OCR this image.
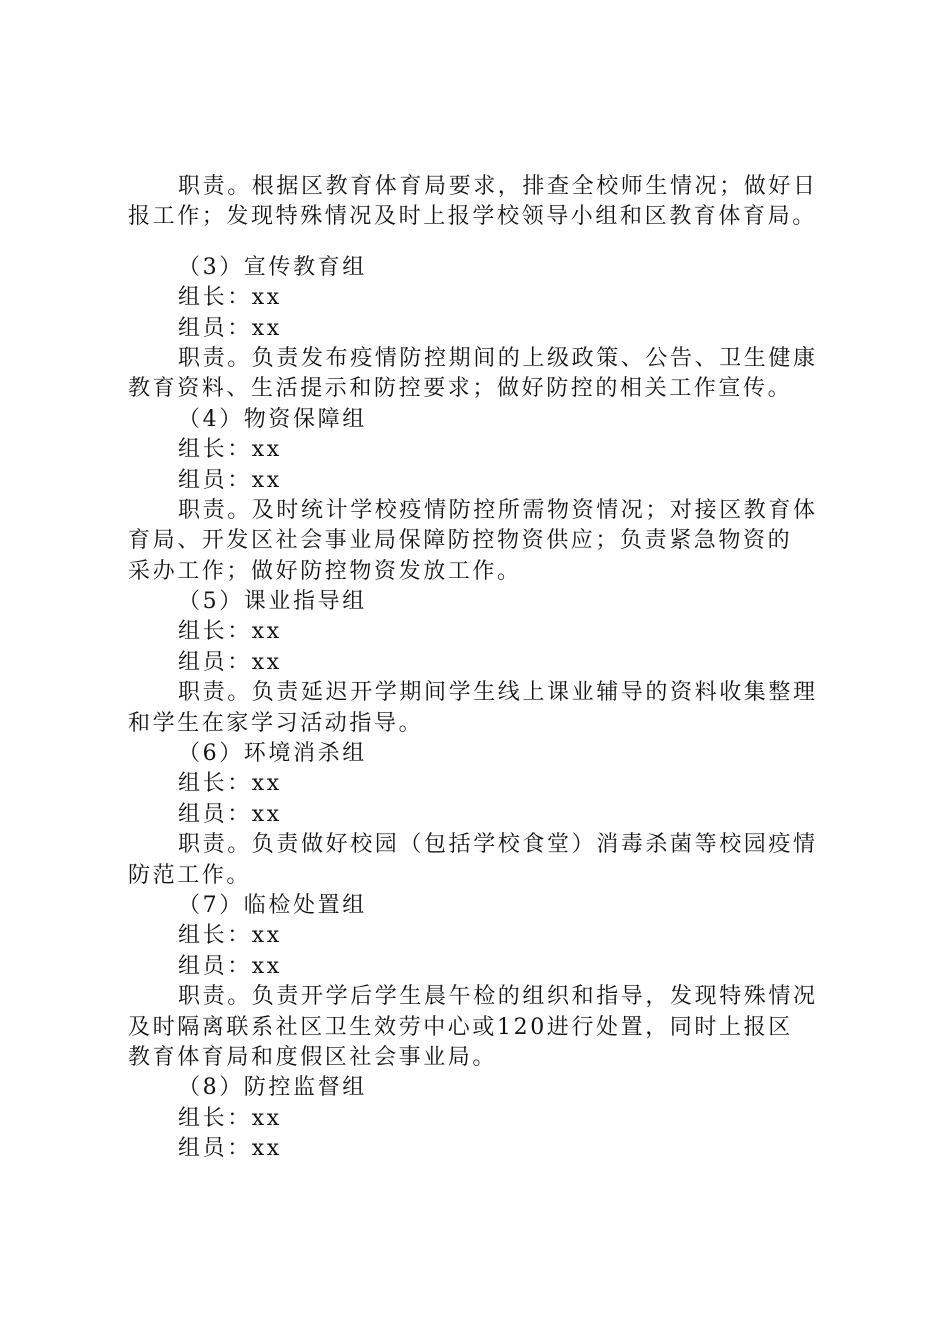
职责。根据区教育体育局要求，排查全校师生情况；做好日
报工作；发现特殊情况及时上报学校领导小组和区教育体育局。
（3）宣传教育组
组长：xx
组员：xx
职责。负责发布疫情防控期间的上级政策、公告、卫生健康
教育资料、生活提示和防控要求；做好防控的相关工作宣传。
（4）物资保障组
组长：xx
组员：xx
职责。及时统计学校疫情防控所需物资情况；对接区教育体
育局、开发区社会事业局保障防控物资供应；负责紧急物资的
采办工作；做好防控物资发放工作。
（5）课业指导组
组长：xx
组员：xx
职责。负责延迟开学期间学生线上课业辅导的资料收集整理
和学生在家学习活动指导。
（6）环境消杀组
组长：xx
组员：xx
职责。负责做好校园（包括学校食堂）消毒杀菌等校园疫情
防范工作。
（7）临检处置组
组长：xx
组员：xx
职责。负责开学后学生晨午检的组织和指导，发现特殊情况
及时隔离联系社区卫生效劳中心或120进行处置，同时上报区
教育体育局和度假区社会事业局。
（8）防控监督组
组长：xx
组员：xx
